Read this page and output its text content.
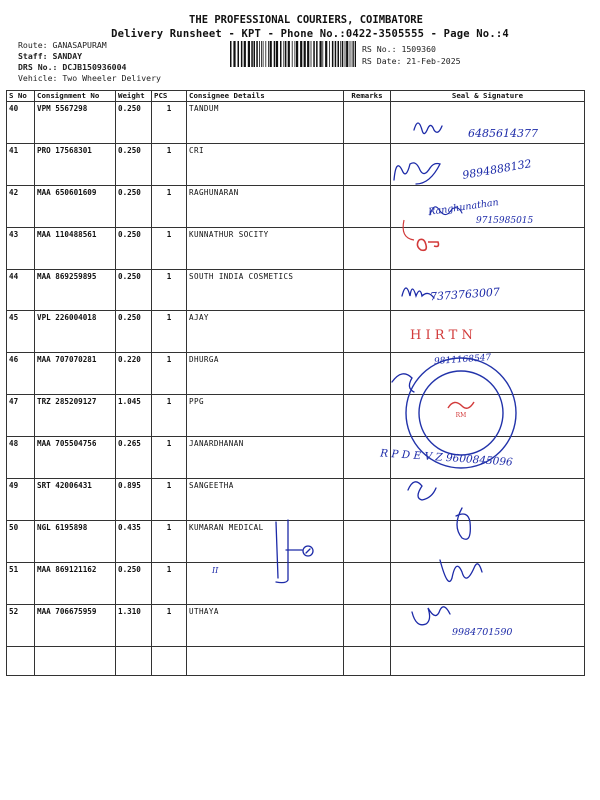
THE PROFESSIONAL COURIERS, COIMBATORE
Delivery Runsheet - KPT - Phone No.:0422-3505555 - Page No.:4
Route: GANASAPURAM
Staff: SANDAY
DRS No.: DCJB150936004
Vehicle: Two Wheeler Delivery
RS No.: 1509360
RS Date: 21-Feb-2025
S No	Consignment No	Weight	PCS	Consignee Details	Remarks	Seal & Signature
40	VPM 5567298	0.250	1	TANDUM		
41	PRO 17568301	0.250	1	CRI		
42	MAA 650601609	0.250	1	RAGHUNARAN		
43	MAA 110488561	0.250	1	KUNNATHUR SOCITY		
44	MAA 869259895	0.250	1	SOUTH INDIA COSMETICS		
45	VPL 226004018	0.250	1	AJAY		
46	MAA 707070281	0.220	1	DHURGA		
47	TRZ 285209127	1.045	1	PPG		
48	MAA 705504756	0.265	1	JANARDHANAN		
49	SRT 42006431	0.895	1	SANGEETHA		
50	NGL 6195898	0.435	1	KUMARAN MEDICAL		
51	MAA 869121162	0.250	1			
52	MAA 706675959	1.310	1	UTHAYA		

RM
6485614377
9894888132
Ranghunathan
9715985015
7373763007
H I R T N
9811168547
R P D E V Z 9600845096
II
9984701590
